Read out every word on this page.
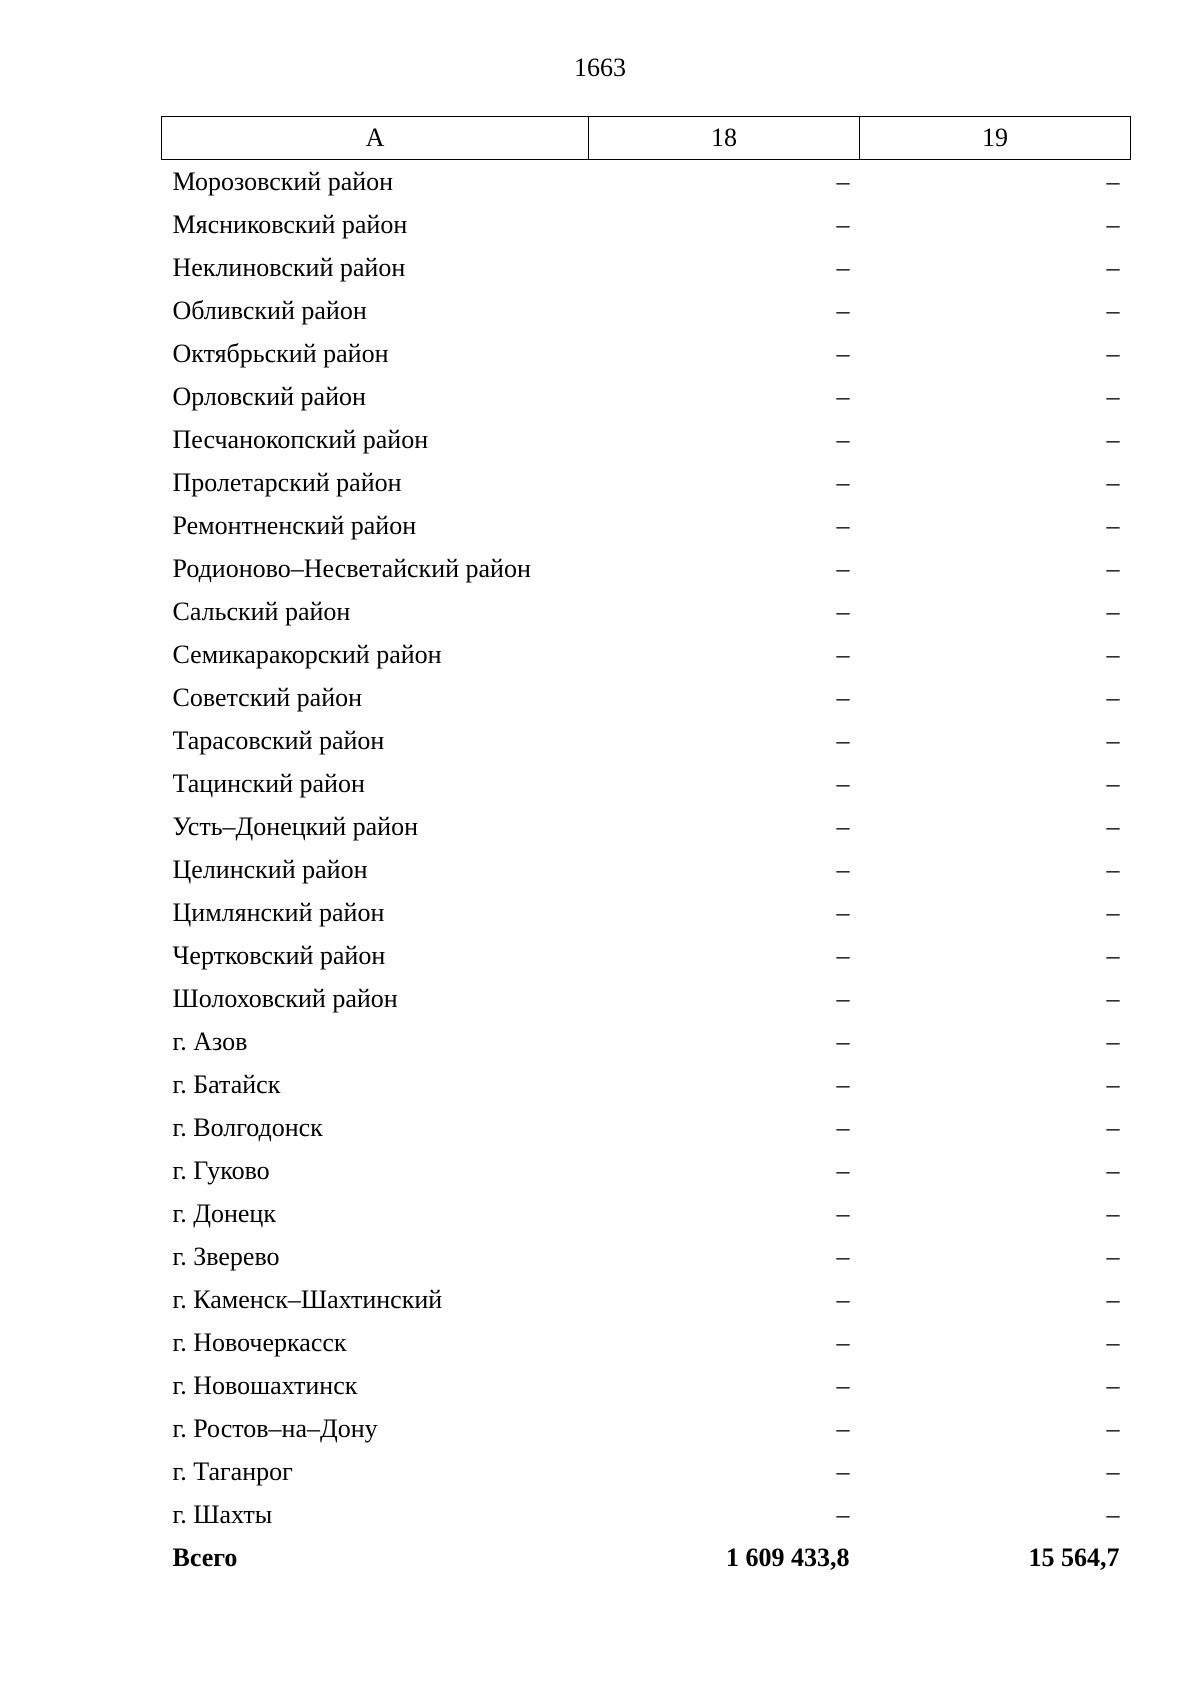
1663
А	18	19
Морозовский район	–	–
Мясниковский район	–	–
Неклиновский район	–	–
Обливский район	–	–
Октябрьский район	–	–
Орловский район	–	–
Песчанокопский район	–	–
Пролетарский район	–	–
Ремонтненский район	–	–
Родионово–Несветайский район	–	–
Сальский район	–	–
Семикаракорский район	–	–
Советский район	–	–
Тарасовский район	–	–
Тацинский район	–	–
Усть–Донецкий район	–	–
Целинский район	–	–
Цимлянский район	–	–
Чертковский район	–	–
Шолоховский район	–	–
г. Азов	–	–
г. Батайск	–	–
г. Волгодонск	–	–
г. Гуково	–	–
г. Донецк	–	–
г. Зверево	–	–
г. Каменск–Шахтинский	–	–
г. Новочеркасск	–	–
г. Новошахтинск	–	–
г. Ростов–на–Дону	–	–
г. Таганрог	–	–
г. Шахты	–	–
Всего	1 609 433,8	15 564,7
